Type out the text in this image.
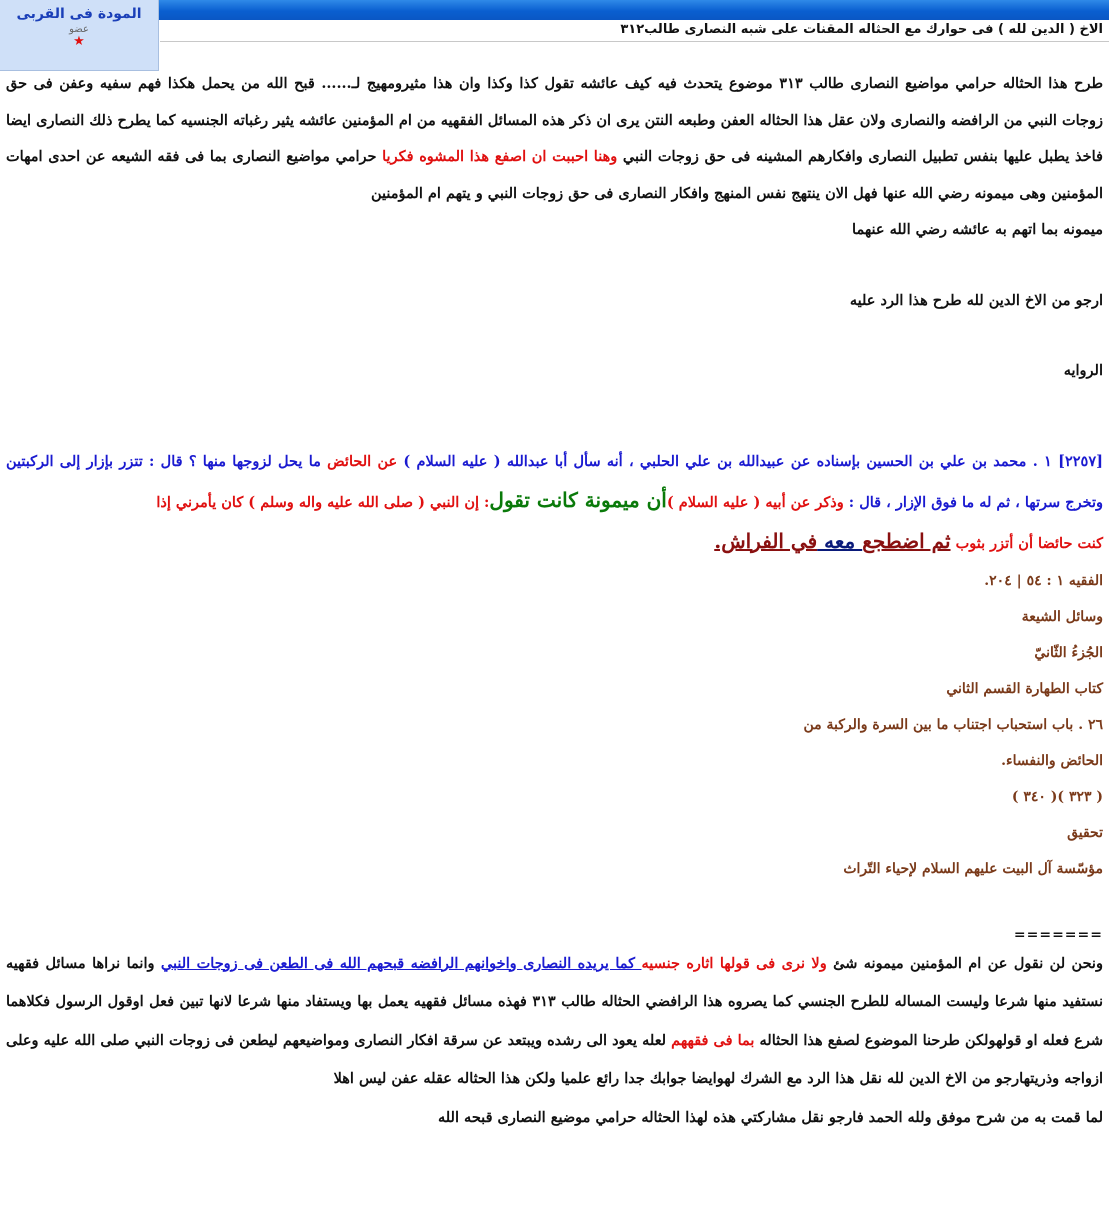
المودة فى القربى
عضو
★
الاخ ( الدين لله ) فى حوارك مع الحثاله المقنات على شبه النصارى طالب٣١٢

طرح هذا الحثاله حرامي مواضيع النصارى طالب ٣١٣ موضوع يتحدث فيه كيف عائشه تقول كذا وكذا وان هذا مثيرومهيج لـ...... قبح الله من يحمل هكذا فهم سفيه وعفن فى حق زوجات النبي من الرافضه والنصارى ولان عقل هذا الحثاله العفن وطبعه النتن يرى ان ذكر هذه المسائل الفقهيه من ام المؤمنين عائشه يثير رغباته الجنسيه كما يطرح ذلك النصارى ايضا فاخذ يطبل عليها بنفس تطبيل النصارى وافكارهم المشينه فى حق زوجات النبي وهنا احببت ان اصفع هذا المشوه فكريا حرامي مواضيع النصارى بما فى فقه الشيعه عن احدى امهات المؤمنين وهى ميمونه رضي الله عنها فهل الان ينتهج نفس المنهج وافكار النصارى فى حق زوجات النبي و يتهم ام المؤمنين

ميمونه بما اتهم به عائشه رضي الله عنهما

ارجو من الاخ الدين لله طرح هذا الرد عليه

الروايه

[٢٢٥٧] ١ . محمد بن علي بن الحسين بإسناده عن عبيدالله بن علي الحلبي ، أنه سأل أبا عبدالله ( عليه السلام ) عن الحائض ما يحل لزوجها منها ؟ قال : تتزر بإزار إلى الركبتين وتخرج سرتها ، ثم له ما فوق الإزار ، قال : وذكر عن أبيه ( عليه السلام )أن ميمونة كانت تقول: إن النبي ( صلى الله عليه واله وسلم ) كان يأمرني إذا

كنت حائضا أن أتزر بثوب ثم اضطجع معه في الفراش.

الفقيه ١ : ٥٤ | ٢٠٤.

وسائل الشيعة

الجُزءُ الثّانيّ

كتاب الطهارة القسم الثاني

٢٦ . باب استحباب اجتناب ما بين السرة والركبة من

الحائض والنفساء.

( ٣٢٣ )( ٣٤٠ )

تحقيق

مؤسّسة آل البيت عليهم السلام لإحياء التّراث

=======

ونحن لن نقول عن ام المؤمنين ميمونه شئ ولا نرى فى قولها اثاره جنسيه كما يريده النصارى واخوانهم الرافضه قبحهم الله فى الطعن فى زوجات النبي وانما نراها مسائل فقهيه نستفيد منها شرعا وليست المساله للطرح الجنسي كما يصروه هذا الرافضي الحثاله طالب ٣١٣ فهذه مسائل فقهيه يعمل بها ويستفاد منها شرعا لانها تبين فعل اوقول الرسول فكلاهما شرع فعله او قولهولكن طرحنا الموضوع لصفع هذا الحثاله بما فى فقههم لعله يعود الى رشده ويبتعد عن سرقة افكار النصارى ومواضيعهم ليطعن فى زوجات النبي صلى الله عليه وعلى ازواجه وذريتهارجو من الاخ الدين لله نقل هذا الرد مع الشرك لهوايضا جوابك جدا رائع علميا ولكن هذا الحثاله عقله عفن ليس اهلا

لما قمت به من شرح موفق ولله الحمد فارجو نقل مشاركتي هذه لهذا الحثاله حرامي موضيع النصارى قبحه الله
